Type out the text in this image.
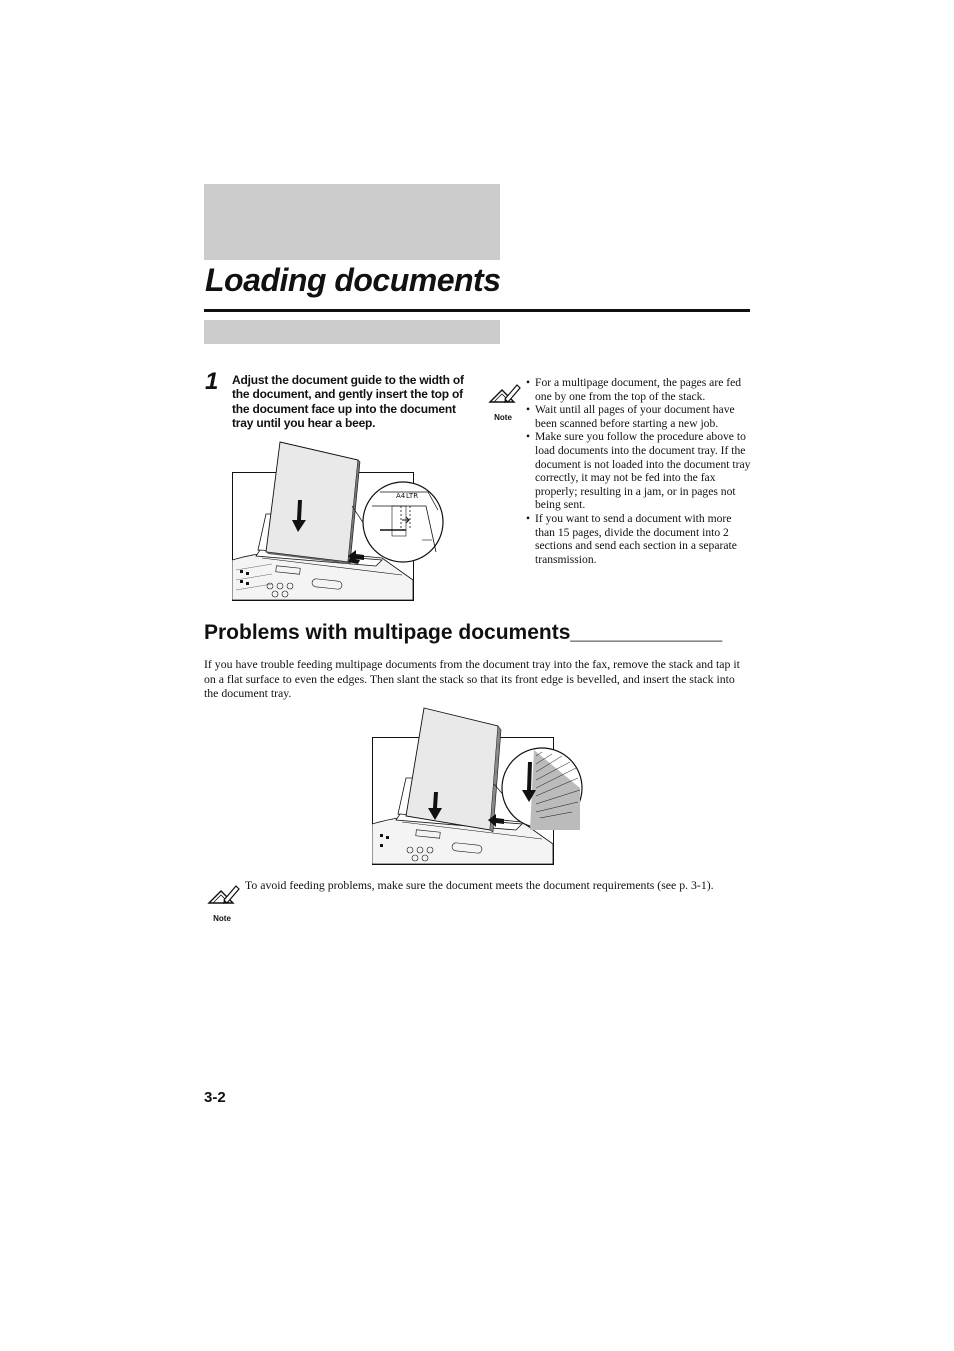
Loading documents
1 Adjust the document guide to the width of the document, and gently insert the top of the document face up into the document tray until you hear a beep.	Note
• For a multipage document, the pages are fed one by one from the top of the stack.
• Wait until all pages of your document have been scanned before starting a new job.
• Make sure you follow the procedure above to load documents into the document tray. If the document is not loaded into the document tray correctly, it may not be fed into the fax properly; resulting in a jam, or in pages not being sent.
• If you want to send a document with more than 15 pages, divide the document into 2 sections and send each section in a separate transmission.
A4 LTR
Problems with multipage documents_____________

If you have trouble feeding multipage documents from the document tray into the fax, remove the stack and tap it on a flat surface to even the edges. Then slant the stack so that its front edge is bevelled, and insert the stack into the document tray.

Note
To avoid feeding problems, make sure the document meets the document requirements (see p. 3-1).
3-2
